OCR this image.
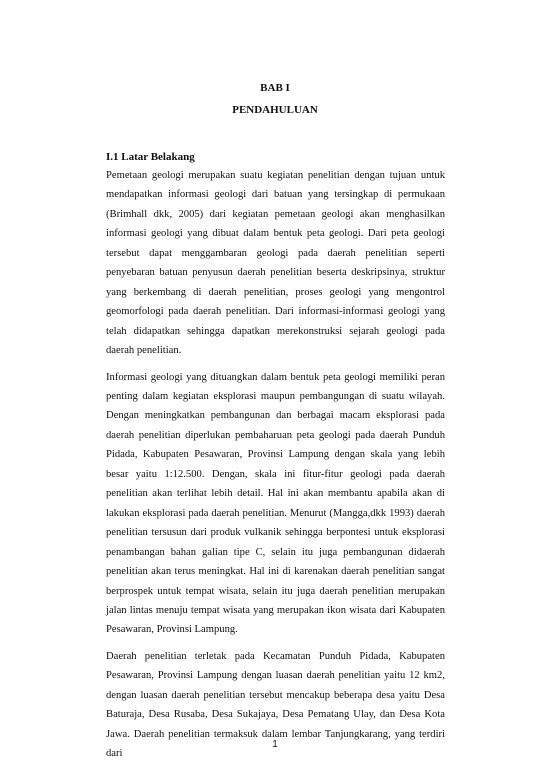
BAB I
PENDAHULUAN
I.1 Latar Belakang

Pemetaan geologi merupakan suatu kegiatan penelitian dengan tujuan untuk mendapatkan informasi geologi dari batuan yang tersingkap di permukaan (Brimhall dkk, 2005) dari kegiatan pemetaan geologi akan menghasilkan informasi geologi yang dibuat dalam bentuk peta geologi. Dari peta geologi tersebut dapat menggambaran geologi pada daerah penelitian seperti penyebaran batuan penyusun daerah penelitian beserta deskripsinya, struktur yang berkembang di daerah penelitian, proses geologi yang mengontrol geomorfologi pada daerah penelitian. Dari informasi-informasi geologi yang telah didapatkan sehingga dapatkan merekonstruksi sejarah geologi pada daerah penelitian.

Informasi geologi yang dituangkan dalam bentuk peta geologi memiliki peran penting dalam kegiatan eksplorasi maupun pembangungan di suatu wilayah. Dengan meningkatkan pembangunan dan berbagai macam eksplorasi pada daerah penelitian diperlukan pembaharuan peta geologi pada daerah Punduh Pidada, Kabupaten Pesawaran, Provinsi Lampung dengan skala yang lebih besar yaitu 1:12.500. Dengan, skala ini fitur-fitur geologi pada daerah penelitian akan terlihat lebih detail. Hal ini akan membantu apabila akan di lakukan eksplorasi pada daerah penelitian. Menurut (Mangga,dkk 1993) daerah penelitian tersusun dari produk vulkanik sehingga berpontesi untuk eksplorasi penambangan bahan galian tipe C, selain itu juga pembangunan didaerah penelitian akan terus meningkat. Hal ini di karenakan daerah penelitian sangat berprospek untuk tempat wisata, selain itu juga daerah penelitian merupakan jalan lintas menuju tempat wisata yang merupakan ikon wisata dari Kabupaten Pesawaran, Provinsi Lampung.

Daerah penelitian terletak pada Kecamatan Punduh Pidada, Kabupaten Pesawaran, Provinsi Lampung dengan luasan daerah penelitian yaitu 12 km2, dengan luasan daerah penelitian tersebut mencakup beberapa desa yaitu Desa Baturaja, Desa Rusaba, Desa Sukajaya, Desa Pematang Ulay, dan Desa Kota Jawa. Daerah penelitian termaksuk dalam lembar Tanjungkarang, yang terdiri dari

1
